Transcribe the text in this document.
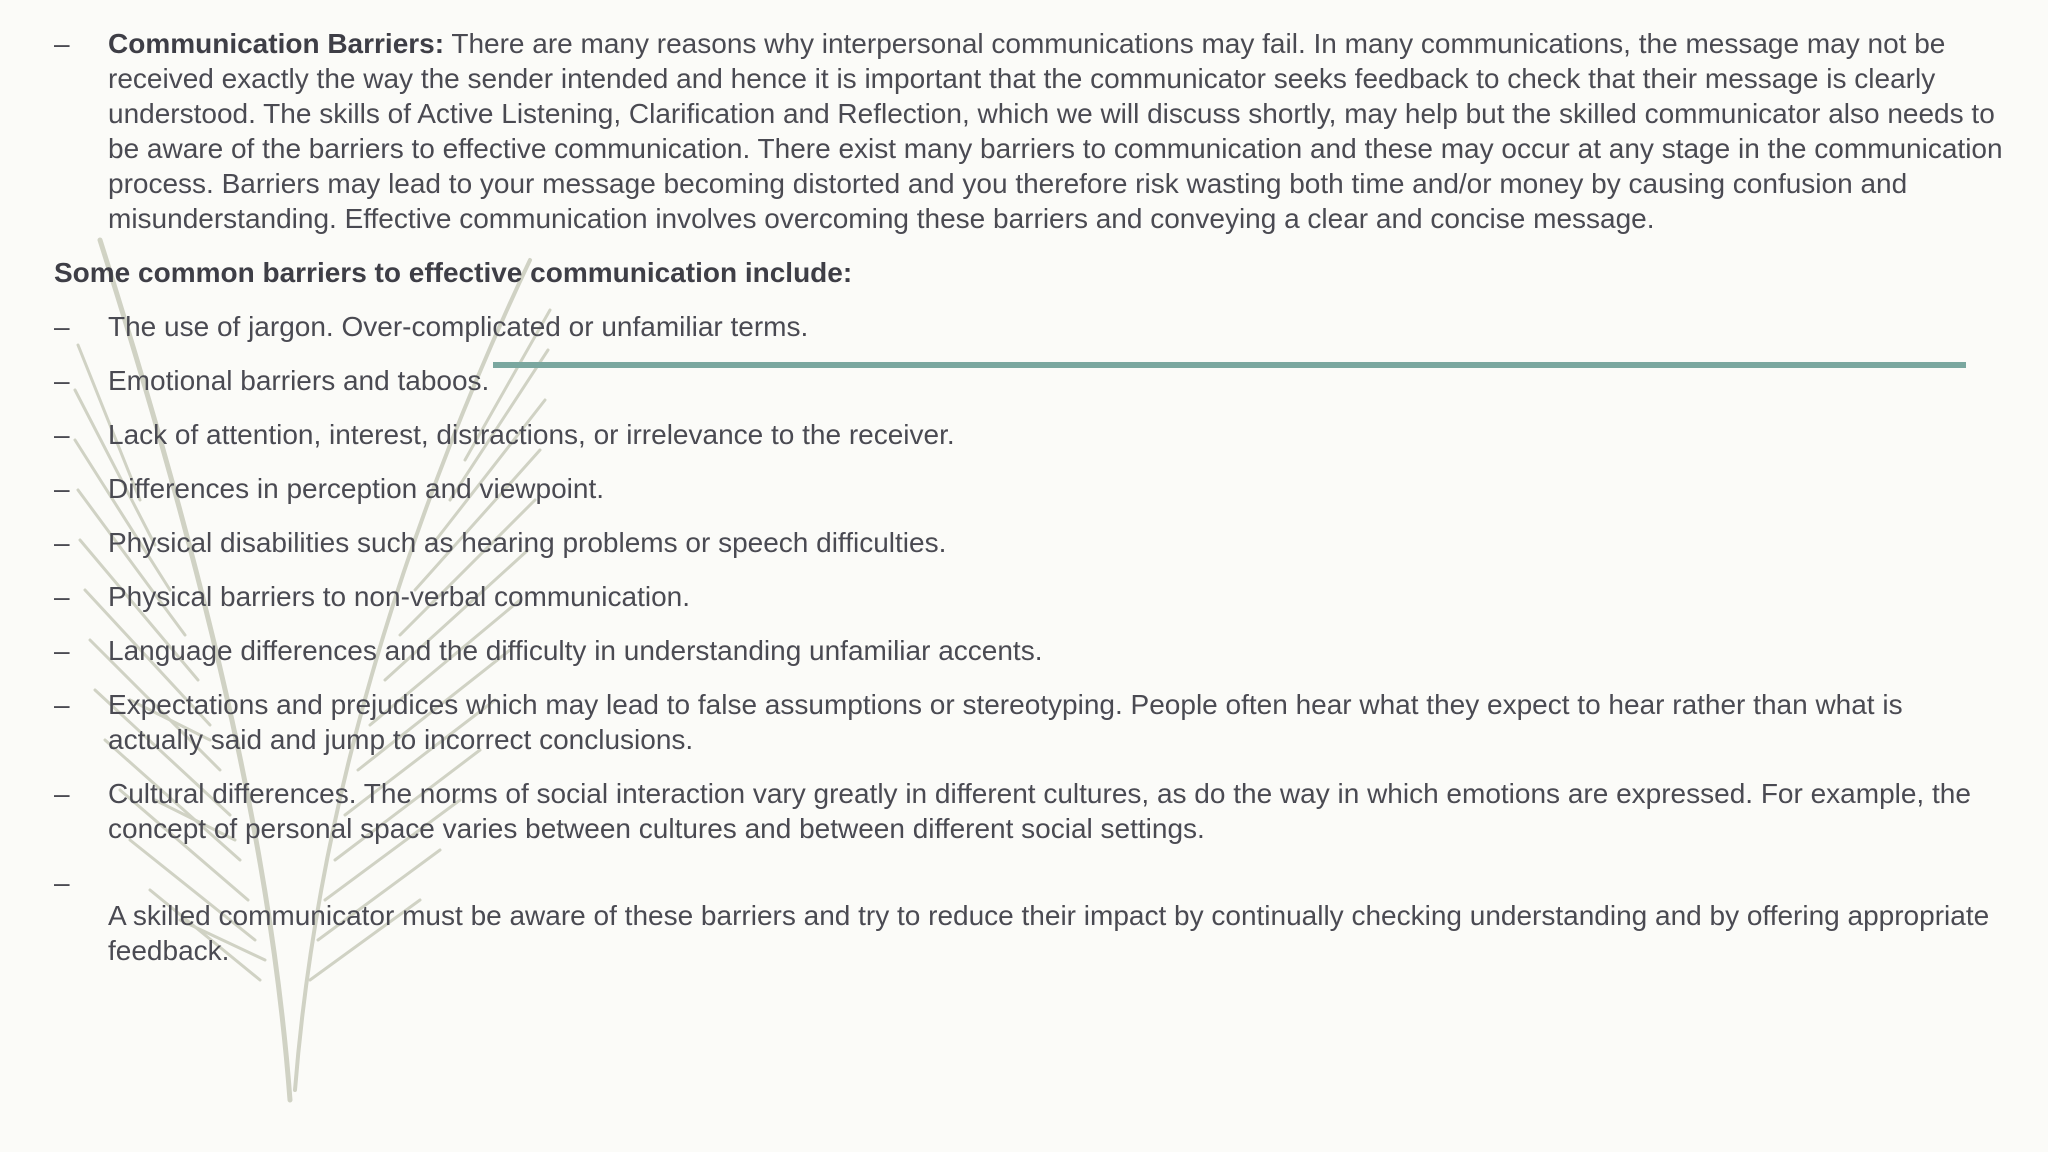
–	Communication Barriers: There are many reasons why interpersonal communications may fail. In many communications, the message may not be received exactly the way the sender intended and hence it is important that the communicator seeks feedback to check that their message is clearly understood. The skills of Active Listening, Clarification and Reflection, which we will discuss shortly, may help but the skilled communicator also needs to be aware of the barriers to effective communication. There exist many barriers to communication and these may occur at any stage in the communication process. Barriers may lead to your message becoming distorted and you therefore risk wasting both time and/or money by causing confusion and misunderstanding. Effective communication involves overcoming these barriers and conveying a clear and concise message.
Some common barriers to effective communication include:
–	The use of jargon. Over-complicated or unfamiliar terms.
–	Emotional barriers and taboos.
–	Lack of attention, interest, distractions, or irrelevance to the receiver.
–	Differences in perception and viewpoint.
–	Physical disabilities such as hearing problems or speech difficulties.
–	Physical barriers to non-verbal communication.
–	Language differences and the difficulty in understanding unfamiliar accents.
–	Expectations and prejudices which may lead to false assumptions or stereotyping. People often hear what they expect to hear rather than what is actually said and jump to incorrect conclusions.
–	Cultural differences. The norms of social interaction vary greatly in different cultures, as do the way in which emotions are expressed. For example, the concept of personal space varies between cultures and between different social settings.
–
A skilled communicator must be aware of these barriers and try to reduce their impact by continually checking understanding and by offering appropriate feedback.
